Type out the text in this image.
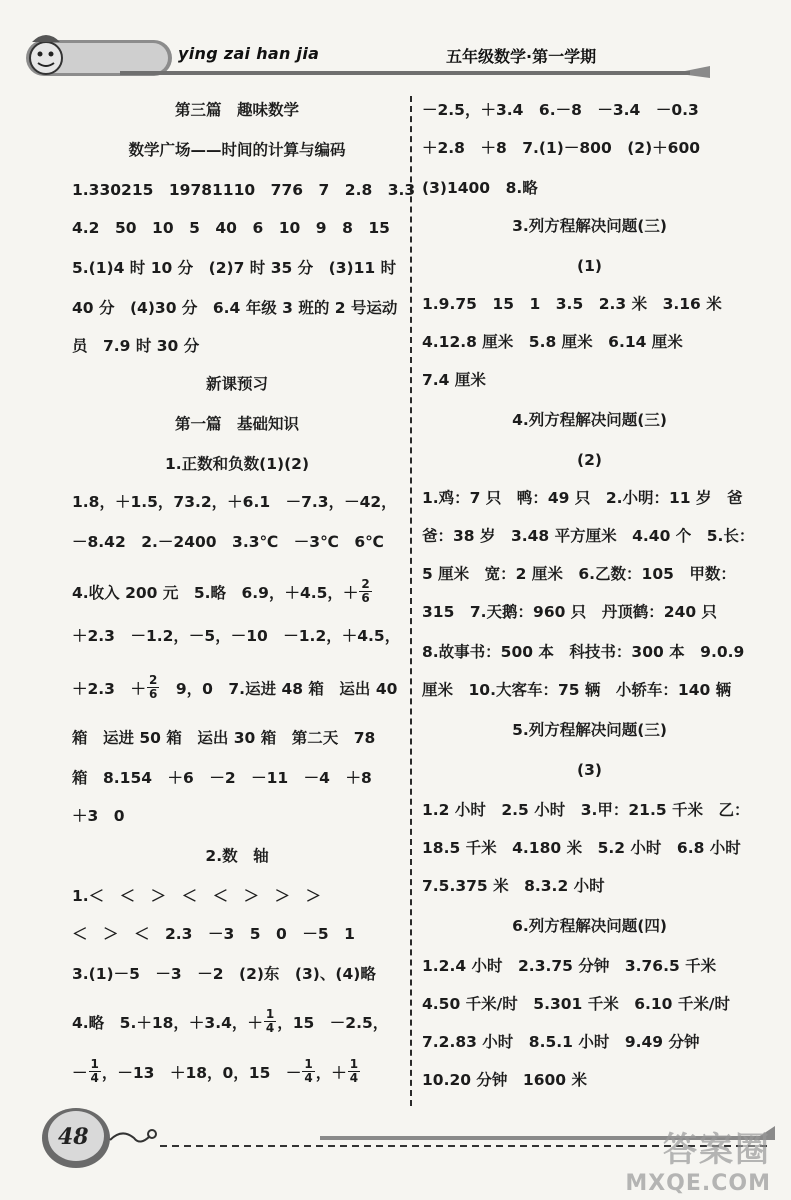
ying zai han jia	五年级数学·第一学期
第三篇　趣味数学
数学广场——时间的计算与编码
1.330215　19781110　776　7　2.8　3.3
4.2　50　10　5　40　6　10　9　8　15
5.(1)4 时 10 分　(2)7 时 35 分　(3)11 时
40 分　(4)30 分　6.4 年级 3 班的 2 号运动
员　7.9 时 30 分
新课预习
第一篇　基础知识
1.正数和负数(1)(2)
1.8，＋1.5，73.2，＋6.1　－7.3，－42，
－8.42　2.－2400　3.3℃　－3℃　6℃
4.收入 200 元　5.略　6.9，＋4.5，＋ $\frac{2}{6}$
＋2.3　－1.2，－5，－10　－1.2，＋4.5，
＋2.3　＋ $\frac{2}{6}$ 　9，0　7.运进 48 箱　运出 40
箱　运进 50 箱　运出 30 箱　第二天　78
箱　8.154　＋6　－2　－11　－4　＋8
＋3　0
2.数　轴
1.＜　＜　＞　＜　＜　＞　＞　＞
＜　＞　＜　2.3　－3　5　0　－5　1
3.(1)－5　－3　－2　(2)东　(3)、(4)略
4.略　5.＋18，＋3.4，＋ $\frac{1}{4}$ ，15　－2.5，
－ $\frac{1}{4}$ ，－13　＋18，0，15　－ $\frac{1}{4}$ ，＋ $\frac{1}{4}$
－2.5，＋3.4　6.－8　－3.4　－0.3
＋2.8　＋8　7.(1)－800　(2)＋600
(3)1400　8.略
3.列方程解决问题(三)
(1)
1.9.75　15　1　3.5　2.3 米　3.16 米
4.12.8 厘米　5.8 厘米　6.14 厘米
7.4 厘米
4.列方程解决问题(三)
(2)
1.鸡：7 只　鸭：49 只　2.小明：11 岁　爸
爸：38 岁　3.48 平方厘米　4.40 个　5.长：
5 厘米　宽：2 厘米　6.乙数：105　甲数：
315　7.天鹅：960 只　丹顶鹤：240 只
8.故事书：500 本　科技书：300 本　9.0.9
厘米　10.大客车：75 辆　小轿车：140 辆
5.列方程解决问题(三)
(3)
1.2 小时　2.5 小时　3.甲：21.5 千米　乙：
18.5 千米　4.180 米　5.2 小时　6.8 小时
7.5.375 米　8.3.2 小时
6.列方程解决问题(四)
1.2.4 小时　2.3.75 分钟　3.76.5 千米
4.50 千米/时　5.301 千米　6.10 千米/时
7.2.83 小时　8.5.1 小时　9.49 分钟
10.20 分钟　1600 米
48	答案圈
MXQE.COM
